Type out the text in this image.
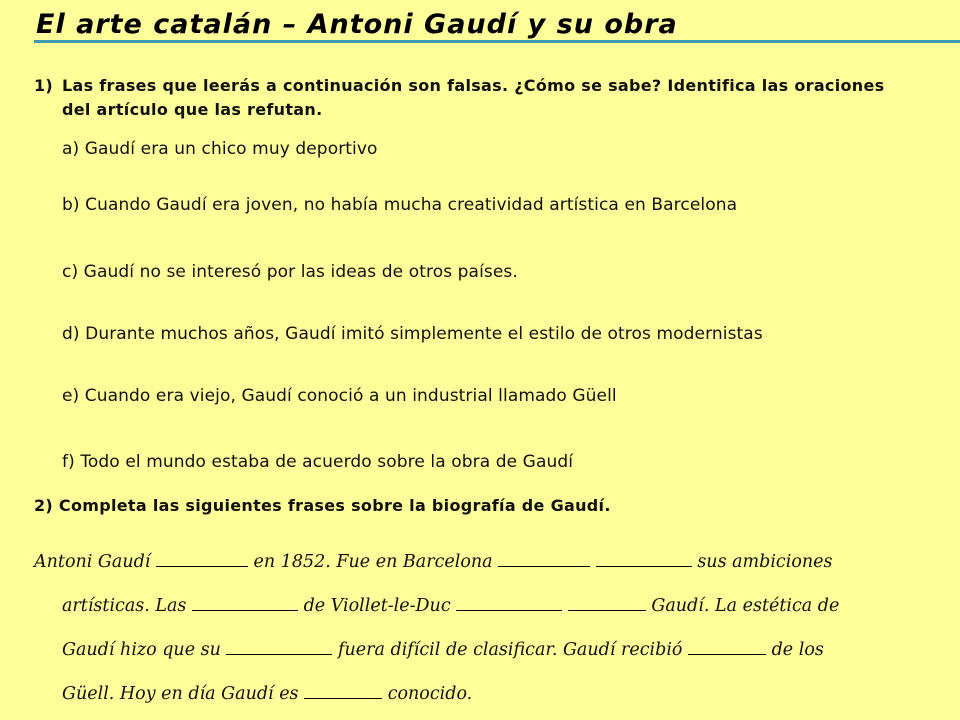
El arte catalán – Antoni Gaudí y su obra
1) Las frases que leerás a continuación son falsas. ¿Cómo se sabe? Identifica las oraciones del artículo que las refutan.
a) Gaudí era un chico muy deportivo
b) Cuando Gaudí era joven, no había mucha creatividad artística en Barcelona
c) Gaudí no se interesó por las ideas de otros países.
d) Durante muchos años, Gaudí imitó simplemente el estilo de otros modernistas
e) Cuando era viejo, Gaudí conoció a un industrial llamado Güell
f) Todo el mundo estaba de acuerdo sobre la obra de Gaudí
2) Completa las siguientes frases sobre la biografía de Gaudí.
Antoni Gaudí	en 1852. Fue en Barcelona	sus ambiciones
artísticas. Las	de Viollet-le-Duc	Gaudí. La estética de
Gaudí hizo que su	fuera difícil de clasificar. Gaudí recibió	de los
Güell. Hoy en día Gaudí es	conocido.
